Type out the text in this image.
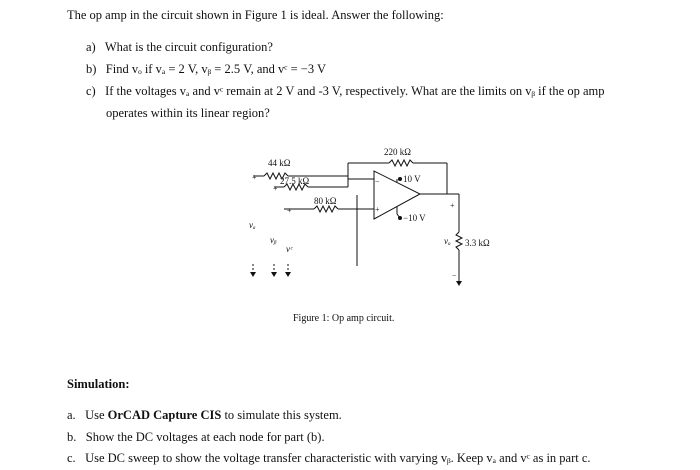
The op amp in the circuit shown in Figure 1 is ideal. Answer the following:
a) What is the circuit configuration?
b) Find vₒ if vₐ = 2 V, vᵦ = 2.5 V, and vᶜ = −3 V
c) If the voltages vₐ and vᶜ remain at 2 V and -3 V, respectively. What are the limits on vᵦ if the op amp
operates within its linear region?
+
+
+
−
+	+
−
vₐ
vᵦ
vᶜ
vₒ
44 kΩ
27.5 kΩ
80 kΩ
220 kΩ
3.3 kΩ
10 V
−10 V
Figure 1: Op amp circuit.
Simulation:
a. Use OrCAD Capture CIS to simulate this system.
b. Show the DC voltages at each node for part (b).
c. Use DC sweep to show the voltage transfer characteristic with varying vᵦ. Keep vₐ and vᶜ as in part c.
